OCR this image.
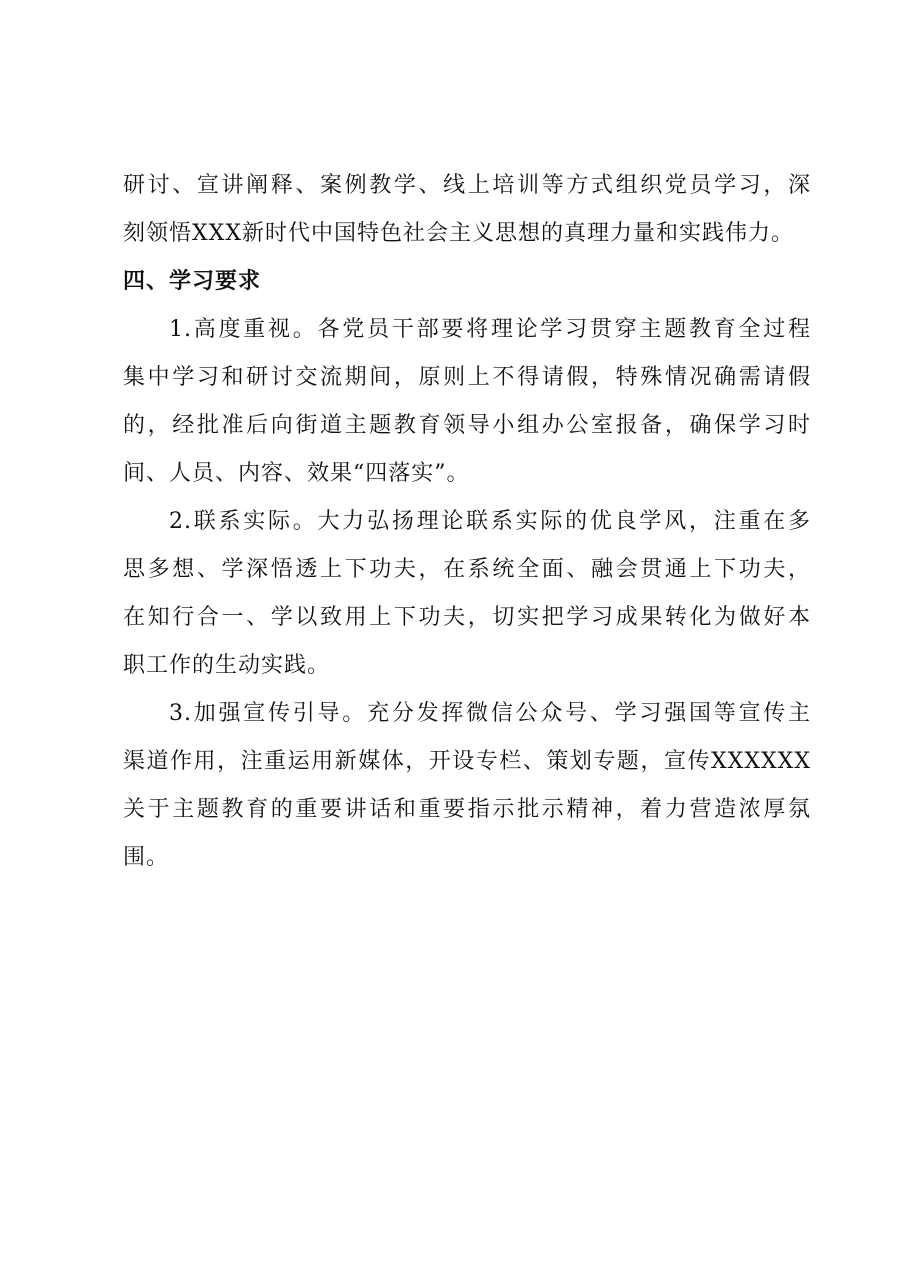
研讨、宣讲阐释、案例教学、线上培训等方式组织党员学习，深
刻领悟XXX新时代中国特色社会主义思想的真理力量和实践伟力。
四、学习要求
1.高度重视。各党员干部要将理论学习贯穿主题教育全过程
集中学习和研讨交流期间，原则上不得请假，特殊情况确需请假
的，经批准后向街道主题教育领导小组办公室报备，确保学习时
间、人员、内容、效果“四落实”。
2.联系实际。大力弘扬理论联系实际的优良学风，注重在多
思多想、学深悟透上下功夫，在系统全面、融会贯通上下功夫，
在知行合一、学以致用上下功夫，切实把学习成果转化为做好本
职工作的生动实践。
3.加强宣传引导。充分发挥微信公众号、学习强国等宣传主
渠道作用，注重运用新媒体，开设专栏、策划专题，宣传XXXXXX
关于主题教育的重要讲话和重要指示批示精神，着力营造浓厚氛
围。
